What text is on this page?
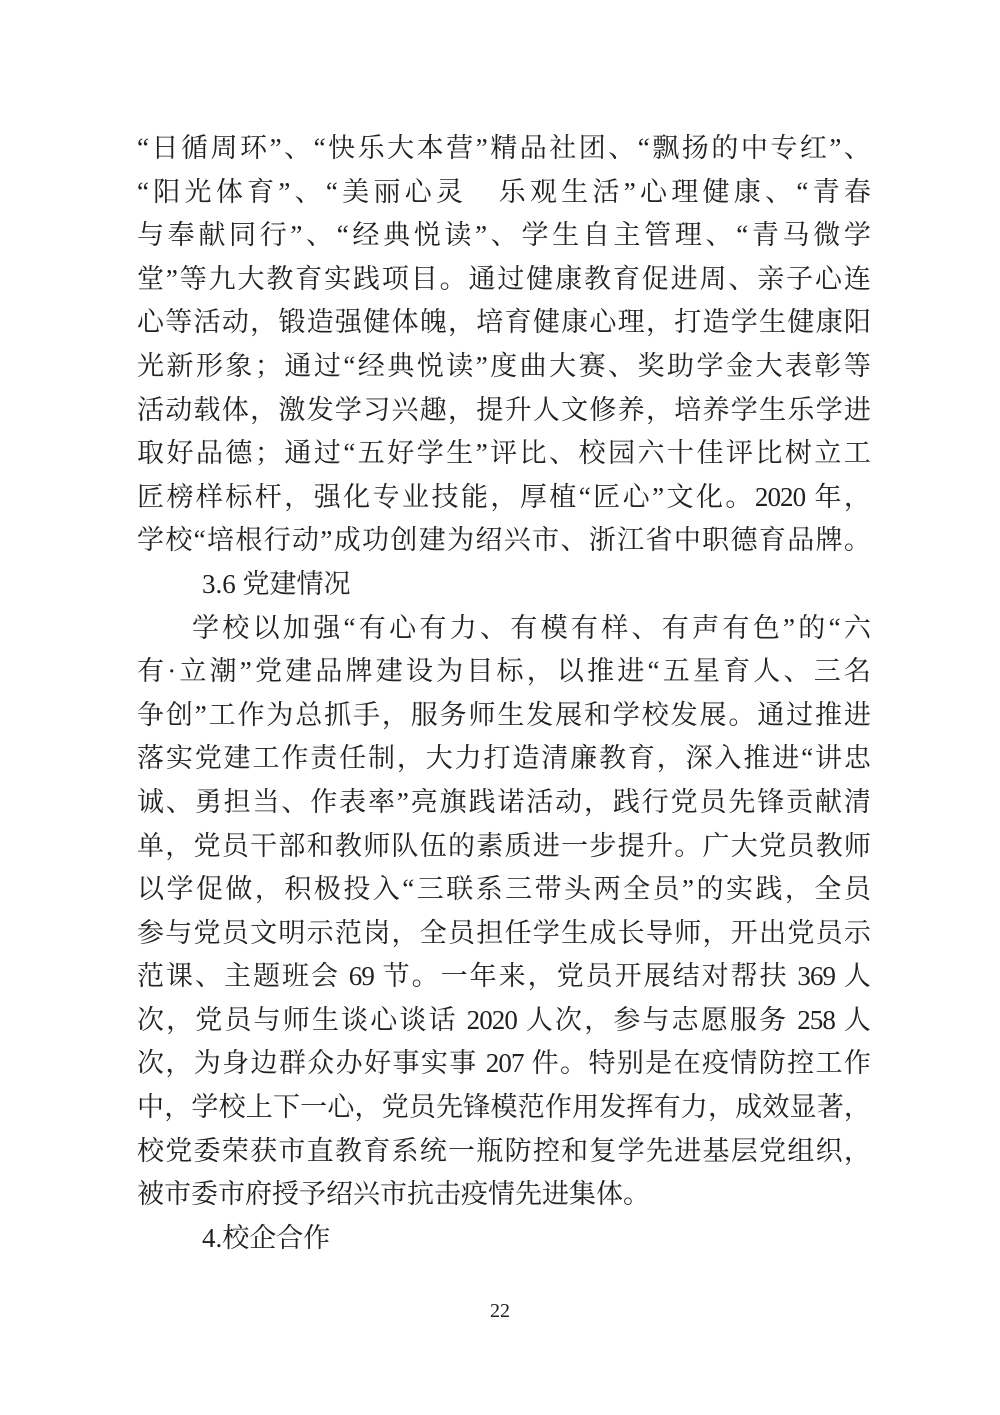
“日循周环”、“快乐大本营”精品社团、“飘扬的中专红”、
“阳光体育”、“美丽心灵　乐观生活”心理健康、“青春
与奉献同行”、“经典悦读”、学生自主管理、“青马微学
堂”等九大教育实践项目。通过健康教育促进周、亲子心连
心等活动，锻造强健体魄，培育健康心理，打造学生健康阳
光新形象；通过“经典悦读”度曲大赛、奖助学金大表彰等
活动载体，激发学习兴趣，提升人文修养，培养学生乐学进
取好品德；通过“五好学生”评比、校园六十佳评比树立工
匠榜样标杆，强化专业技能，厚植“匠心”文化。2020 年，
学校“培根行动”成功创建为绍兴市、浙江省中职德育品牌。
3.6 党建情况
学校以加强“有心有力、有模有样、有声有色”的“六
有·立潮”党建品牌建设为目标，以推进“五星育人、三名
争创”工作为总抓手，服务师生发展和学校发展。通过推进
落实党建工作责任制，大力打造清廉教育，深入推进“讲忠
诚、勇担当、作表率”亮旗践诺活动，践行党员先锋贡献清
单，党员干部和教师队伍的素质进一步提升。广大党员教师
以学促做，积极投入“三联系三带头两全员”的实践，全员
参与党员文明示范岗，全员担任学生成长导师，开出党员示
范课、主题班会 69 节。一年来，党员开展结对帮扶 369 人
次，党员与师生谈心谈话 2020 人次，参与志愿服务 258 人
次，为身边群众办好事实事 207 件。特别是在疫情防控工作
中，学校上下一心，党员先锋模范作用发挥有力，成效显著，
校党委荣获市直教育系统一瓶防控和复学先进基层党组织，
被市委市府授予绍兴市抗击疫情先进集体。
4.校企合作
22
